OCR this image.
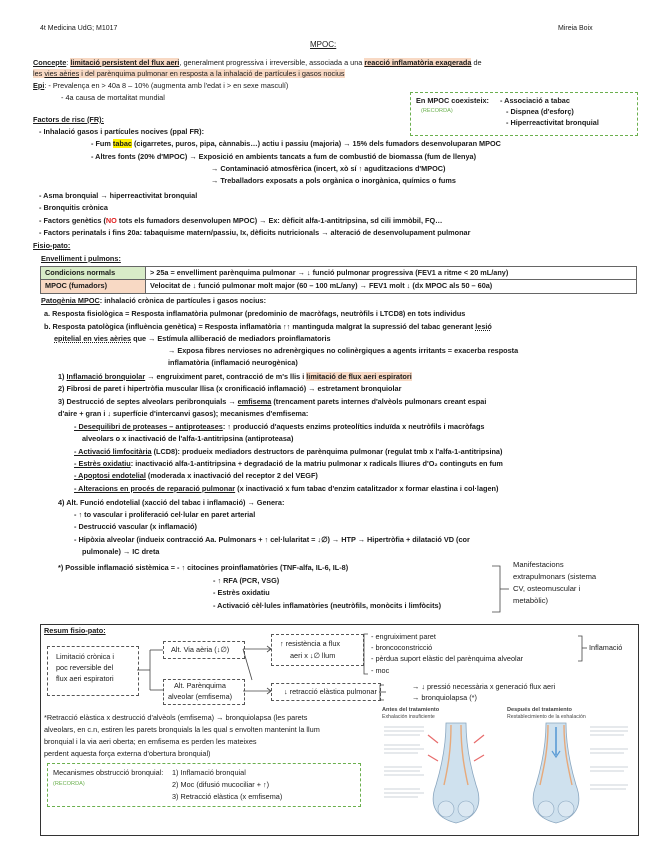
4t Medicina UdG; M1017	Mireia Boix
MPOC:
Concepte: limitació persistent del flux aeri, generalment progressiva i irreversible, associada a una reacció inflamatòria exagerada de
les vies aèries i del parènquima pulmonar en resposta a la inhalació de partícules i gasos nocius
Epi: - Prevalença en > 40a 8 – 10% (augmenta amb l'edat i > en sexe masculí)
- 4a causa de mortalitat mundial	En MPOC coexisteix:
(RECORDA)
- Associació a tabac
- Dispnea (d'esforç)
- Hiperreactivitat bronquial
Factors de risc (FR):
- Inhalació gasos i partícules nocives (ppal FR):
- Fum tabac (cigarretes, puros, pipa, cànnabis…) actiu i passiu (majoria) → 15% dels fumadors desenvoluparan MPOC
- Altres fonts (20% d'MPOC) → Exposició en ambients tancats a fum de combustió de biomassa (fum de llenya)
→ Contaminació atmosfèrica (incert, xò sí ↑ aguditzacions d'MPOC)
→ Treballadors exposats a pols orgànica o inorgànica, químics o fums
- Asma bronquial → hiperreactivitat bronquial
- Bronquitis crònica
- Factors genètics (NO tots els fumadors desenvolupen MPOC) → Ex: dèficit alfa-1-antitripsina, sd cili immòbil, FQ…
- Factors perinatals i fins 20a: tabaquisme matern/passiu, Ix, dèficits nutricionals → alteració de desenvolupament pulmonar
Fisio-pato:
Envelliment i pulmons:
Condicions normals	> 25a = envelliment parènquima pulmonar → ↓ funció pulmonar progressiva (FEV1 a ritme < 20 mL/any)
MPOC (fumadors)	Velocitat de ↓ funció pulmonar molt major (60 – 100 mL/any) → FEV1 molt ↓ (dx MPOC als 50 – 60a)
Patogènia MPOC: inhalació crònica de partícules i gasos nocius:
a. Resposta fisiològica = Resposta inflamatòria pulmonar (predominio de macròfags, neutròfils i LTCD8) en tots individus
b. Resposta patològica (influència genètica) = Resposta inflamatòria ↑↑ mantinguda malgrat la supressió del tabac generant lesió
epitelial en vies aèries que → Estímula alliberació de mediadors proinflamatoris
→ Exposa fibres nervioses no adrenèrgiques no colinèrgiques a agents irritants = exacerba resposta
inflamatòria (inflamació neurogènica)
1) Inflamació bronquiolar → engruiximent paret, contracció de m's llis i limitació de flux aeri espiratori
2) Fibrosi de paret i hipertròfia muscular llisa (x cronificació inflamació) → estretament bronquiolar
3) Destrucció de septes alveolars peribronquials → emfisema (trencament parets internes d'alvèols pulmonars creant espai
d'aire + gran i ↓ superfície d'intercanvi gasos); mecanismes d'emfisema:
- Desequilibri de proteases – antiproteases: ↑ producció d'aquests enzims proteolítics induïda x neutròfils i macròfags
alveolars o x inactivació de l'alfa-1-antitripsina (antiproteasa)
- Activació limfocitària (LCD8): produeix mediadors destructors de parènquima pulmonar (regulat tmb x l'alfa-1-antitripsina)
- Estrès oxidatiu: inactivació alfa-1-antitripsina + degradació de la matriu pulmonar x radicals lliures d'O₂ continguts en fum
- Apoptosi endotelial (moderada x inactivació del receptor 2 del VEGF)
- Alteracions en procés de reparació pulmonar (x inactivació x fum tabac d'enzim catalitzador x formar elastina i col·lagen)
4) Alt. Funció endotelial (xacció del tabac i inflamació) → Genera:
- ↑ to vascular i proliferació cel·lular en paret arterial
- Destrucció vascular (x inflamació)
- Hipòxia alveolar (indueix contracció Aa. Pulmonars + ↑ cel·lularitat = ↓∅) → HTP → Hipertròfia + dilatació VD (cor
pulmonale) → IC dreta
*) Possible inflamació sistèmica = - ↑ citocines proinflamatòries (TNF-alfa, IL-6, IL-8)
- ↑ RFA (PCR, VSG)
- Estrès oxidatiu
- Activació cèl·lules inflamatòries (neutròfils, monòcits i limfòcits)
Manifestacions
extrapulmonars (sistema
CV, osteomuscular i
metabòlic)
Resum fisio-pato:
Limitació crònica i
poc reversible del
flux aeri espiratori
Alt. Via aèria (↓∅)
Alt. Parènquima
alveolar (emfisema)
↑ resistència a flux
aeri x ↓∅ llum
↓ retracció elàstica pulmonar
- engruiximent paret
- broncoconstricció
- pèrdua suport elàstic del parènquima alveolar
- moc
Inflamació
→ ↓ pressió necessària x generació flux aeri
→ bronquiolapsa (*)
*Retracció elàstica x destrucció d'alvèols (emfisema) → bronquiolapsa (les parets
alveolars, en c.n, estiren les parets bronquials la les qual s envolten mantenint la llum
bronquial i la via aeri oberta; en emfisema es perden les mateixes
perdent aquesta força externa d'obertura bronquial)
Mecanismes obstrucció bronquial:
(RECORDA)
1) Inflamació bronquial
2) Moc (difusió mucociliar + ↑)
3) Retracció elàstica (x emfisema)
Antes del tratamiento
Exhalación insuficiente
Después del tratamiento
Restablecimiento de la exhalación
